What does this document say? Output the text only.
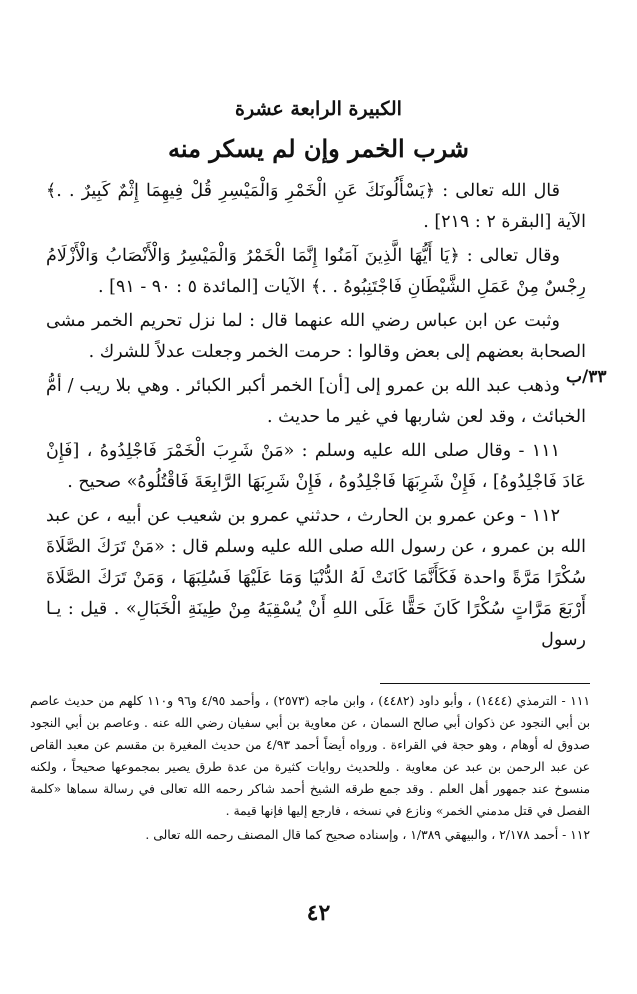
الكبيرة الرابعة عشرة
شرب الخمر وإن لم يسكر منه
٣٣/ب

قال الله تعالى : ﴿يَسْأَلُونَكَ عَنِ الْخَمْرِ وَالْمَيْسِرِ قُلْ فِيهِمَا إِثْمٌ كَبِيرٌ . .﴾ الآية [البقرة ٢ : ٢١٩] .

وقال تعالى : ﴿يَا أَيُّهَا الَّذِينَ آمَنُوا إِنَّمَا الْخَمْرُ وَالْمَيْسِرُ وَالْأَنْصَابُ وَالْأَزْلَامُ رِجْسٌ مِنْ عَمَلِ الشَّيْطَانِ فَاجْتَنِبُوهُ . .﴾ الآيات [المائدة ٥ : ٩٠ - ٩١] .

وثبت عن ابن عباس رضي الله عنهما قال : لما نزل تحريم الخمر مشى الصحابة بعضهم إلى بعض وقالوا : حرمت الخمر وجعلت عدلاً للشرك .

وذهب عبد الله بن عمرو إلى [أن] الخمر أكبر الكبائر . وهي بلا ريب / أمُّ الخبائث ، وقد لعن شاربها في غير ما حديث .

١١١ - وقال صلى الله عليه وسلم : «مَنْ شَرِبَ الْخَمْرَ فَاجْلِدُوهُ ، [فَإِنْ عَادَ فَاجْلِدُوهُ] ، فَإِنْ شَرِبَهَا فَاجْلِدُوهُ ، فَإِنْ شَرِبَهَا الرَّابِعَةَ فَاقْتُلُوهُ» صحيح .

١١٢ - وعن عمرو بن الحارث ، حدثني عمرو بن شعيب عن أبيه ، عن عبد الله بن عمرو ، عن رسول الله صلى الله عليه وسلم قال : «مَنْ تَرَكَ الصَّلَاةَ سُكْرًا مَرَّةً واحدة فَكَأَنَّمَا كَانَتْ لَهُ الدُّنْيَا وَمَا عَلَيْهَا فَسُلِبَهَا ، وَمَنْ تَرَكَ الصَّلَاةَ أَرْبَعَ مَرَّاتٍ سُكْرًا كَانَ حَقًّا عَلَى اللهِ أَنْ يُسْقِيَهُ مِنْ طِينَةِ الْخَبَالِ» . قيل : يـا رسول

١١١ - الترمذي (١٤٤٤) ، وأبو داود (٤٤٨٢) ، وابن ماجه (٢٥٧٣) ، وأحمد ٤/٩٥ و٩٦ و١١٠ كلهم من حديث عاصم بن أبي النجود عن ذكوان أبي صالح السمان ، عن معاوية بن أبي سفيان رضي الله عنه . وعاصم بن أبي النجود صدوق له أوهام ، وهو حجة في القراءة . ورواه أيضاً أحمد ٤/٩٣ من حديث المغيرة بن مقسم عن معبد القاص عن عبد الرحمن بن عبد عن معاوية . وللحديث روايات كثيرة من عدة طرق يصير بمجموعها صحيحاً ، ولكنه منسوخ عند جمهور أهل العلم . وقد جمع طرقه الشيخ أحمد شاكر رحمه الله تعالى في رسالة سماها «كلمة الفصل في قتل مدمني الخمر» ونازع في نسخه ، فارجع إليها فإنها قيمة .

١١٢ - أحمد ٢/١٧٨ ، والبيهقي ١/٣٨٩ ، وإسناده صحيح كما قال المصنف رحمه الله تعالى .

٤٢
